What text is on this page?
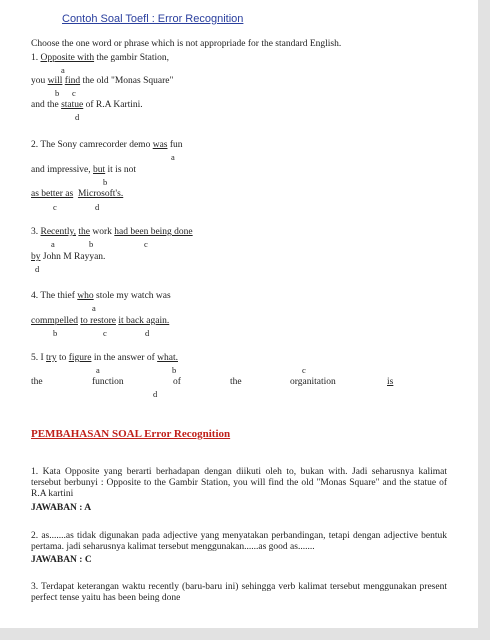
Contoh Soal Toefl : Error Recognition
Choose the one word or phrase which is not appropriade for the standard English.
1. Opposite with the gambir Station,
a
you will find the old "Monas Square"
b c
and the statue of R.A Kartini.
d
2. The Sony camrecorder demo was fun
a
and impressive, but it is not
b
as better as Microsoft's.
c	d
3. Recently, the work had been being done
a	b	c
by John M Rayyan.
d
4. The thief who stole my watch was
a
commpelled to restore it back again.
b	c	d
5. I try to figure in the answer of what.
a	b	c
the	function	of	the	organitation	is
d
PEMBAHASAN SOAL Error Recognition
1. Kata Opposite yang berarti berhadapan dengan diikuti oleh to, bukan with. Jadi seharusnya kalimat tersebut berbunyi : Opposite to the Gambir Station, you will find the old "Monas Square" and the statue of R.A kartini
JAWABAN : A
2. as.......as tidak digunakan pada adjective yang menyatakan perbandingan, tetapi dengan adjective bentuk pertama. jadi seharusnya kalimat tersebut menggunakan......as good as.......
JAWABAN : C
3. Terdapat keterangan waktu recently (baru-baru ini) sehingga verb kalimat tersebut menggunakan present perfect tense yaitu has been being done
